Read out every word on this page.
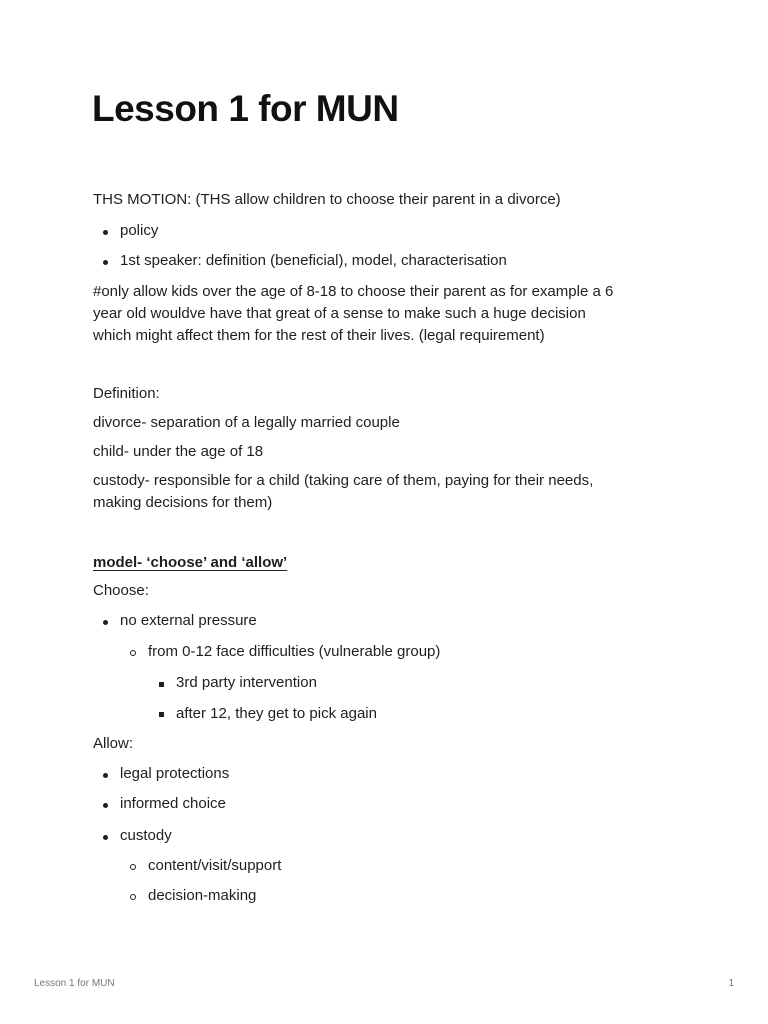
Lesson 1 for MUN

THS MOTION: (THS allow children to choose their parent in a divorce)

policy
1st speaker: definition (beneficial), model, characterisation

#only allow kids over the age of 8-18 to choose their parent as for example a 6

year old wouldve have that great of a sense to make such a huge decision

which might affect them for the rest of their lives. (legal requirement)

Definition:

divorce- separation of a legally married couple

child- under the age of 18

custody- responsible for a child (taking care of them, paying for their needs,

making decisions for them)

model- ‘choose’ and ‘allow’

Choose:

no external pressure
from 0-12 face difficulties (vulnerable group)
3rd party intervention
after 12, they get to pick again

Allow:

legal protections
informed choice
custody
content/visit/support
decision-making
Lesson 1 for MUN	1
